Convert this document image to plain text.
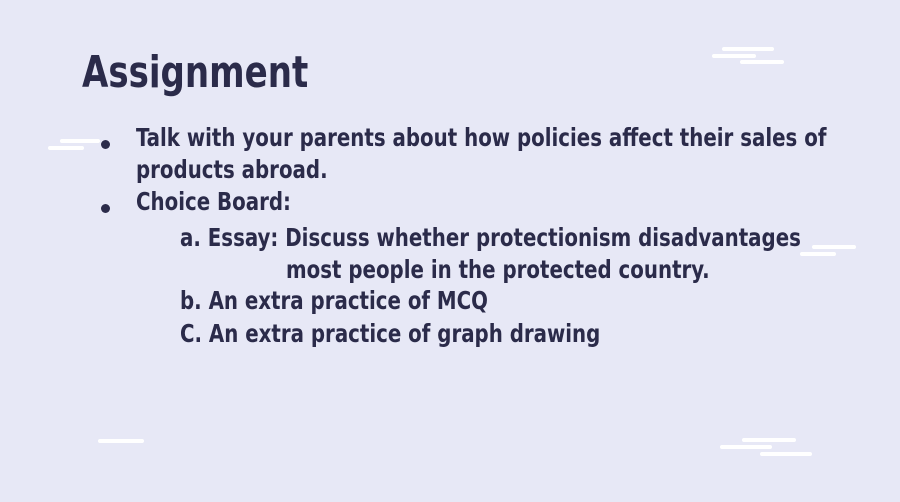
Assignment
Talk with your parents about how policies affect their sales of
products abroad.
Choice Board:
a. Essay: Discuss whether protectionism disadvantages
most people in the protected country.
b. An extra practice of MCQ
C. An extra practice of graph drawing
